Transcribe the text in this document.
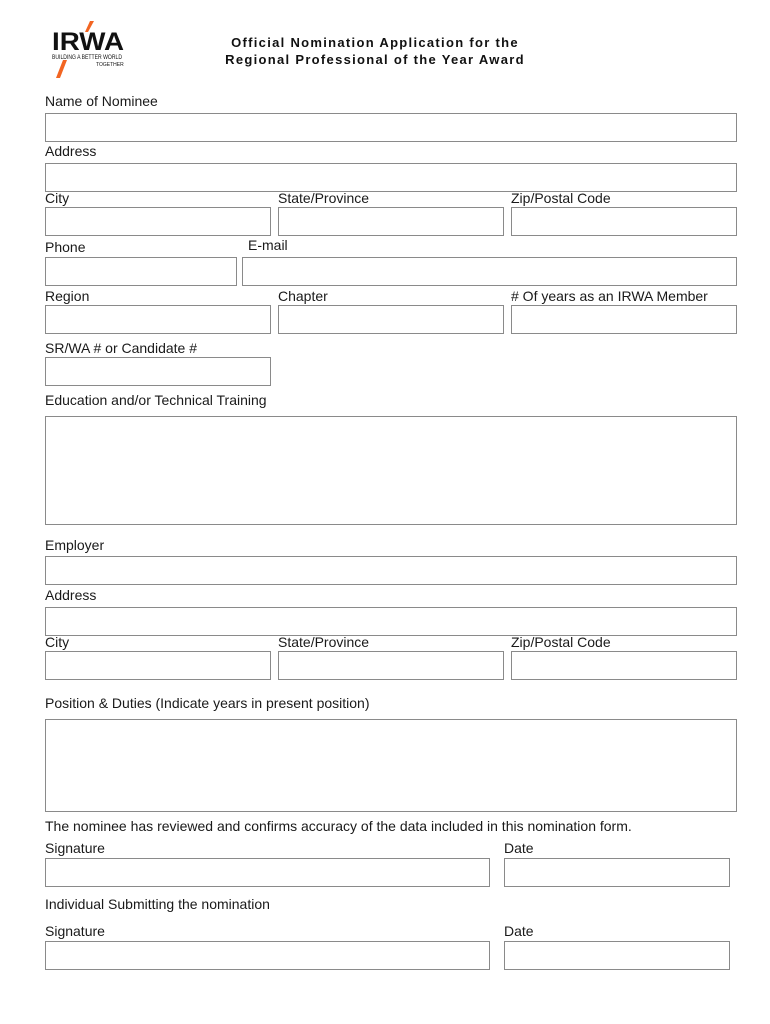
IRWA
BUILDING A BETTER WORLD
TOGETHER
Official Nomination Application for the
Regional Professional of the Year Award
Name of Nominee
Address
City	State/Province	Zip/Postal Code
Phone	E-mail
Region	Chapter	# Of years as an IRWA Member
SR/WA # or Candidate #
Education and/or Technical Training
Employer
Address
City	State/Province	Zip/Postal Code
Position & Duties (Indicate years in present position)
The nominee has reviewed and confirms accuracy of the data included in this nomination form.
Signature	Date
Individual Submitting the nomination
Signature	Date
